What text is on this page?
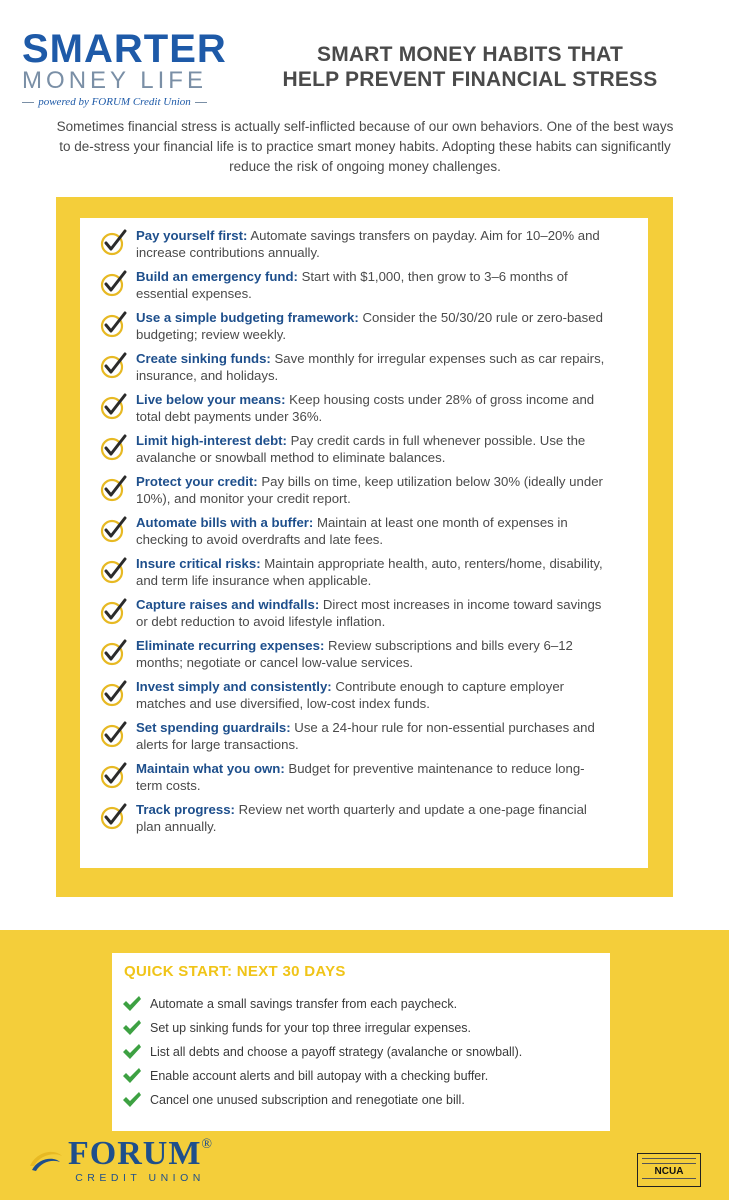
SMARTER
MONEY LIFE
powered by FORUM Credit Union
SMART MONEY HABITS THAT
HELP PREVENT FINANCIAL STRESS
Sometimes financial stress is actually self-inflicted because of our own behaviors. One of the best ways to de-stress your financial life is to practice smart money habits. Adopting these habits can significantly reduce the risk of ongoing money challenges.
Pay yourself first: Automate savings transfers on payday. Aim for 10–20% and increase contributions annually.
Build an emergency fund: Start with $1,000, then grow to 3–6 months of essential expenses.
Use a simple budgeting framework: Consider the 50/30/20 rule or zero-based budgeting; review weekly.
Create sinking funds: Save monthly for irregular expenses such as car repairs, insurance, and holidays.
Live below your means: Keep housing costs under 28% of gross income and total debt payments under 36%.
Limit high-interest debt: Pay credit cards in full whenever possible. Use the avalanche or snowball method to eliminate balances.
Protect your credit: Pay bills on time, keep utilization below 30% (ideally under 10%), and monitor your credit report.
Automate bills with a buffer: Maintain at least one month of expenses in checking to avoid overdrafts and late fees.
Insure critical risks: Maintain appropriate health, auto, renters/home, disability, and term life insurance when applicable.
Capture raises and windfalls: Direct most increases in income toward savings or debt reduction to avoid lifestyle inflation.
Eliminate recurring expenses: Review subscriptions and bills every 6–12 months; negotiate or cancel low-value services.
Invest simply and consistently: Contribute enough to capture employer matches and use diversified, low-cost index funds.
Set spending guardrails: Use a 24-hour rule for non-essential purchases and alerts for large transactions.
Maintain what you own: Budget for preventive maintenance to reduce long-term costs.
Track progress: Review net worth quarterly and update a one-page financial plan annually.
QUICK START: NEXT 30 DAYS
Automate a small savings transfer from each paycheck.
Set up sinking funds for your top three irregular expenses.
List all debts and choose a payoff strategy (avalanche or snowball).
Enable account alerts and bill autopay with a checking buffer.
Cancel one unused subscription and renegotiate one bill.
FORUM®
CREDIT UNION
NCUA
